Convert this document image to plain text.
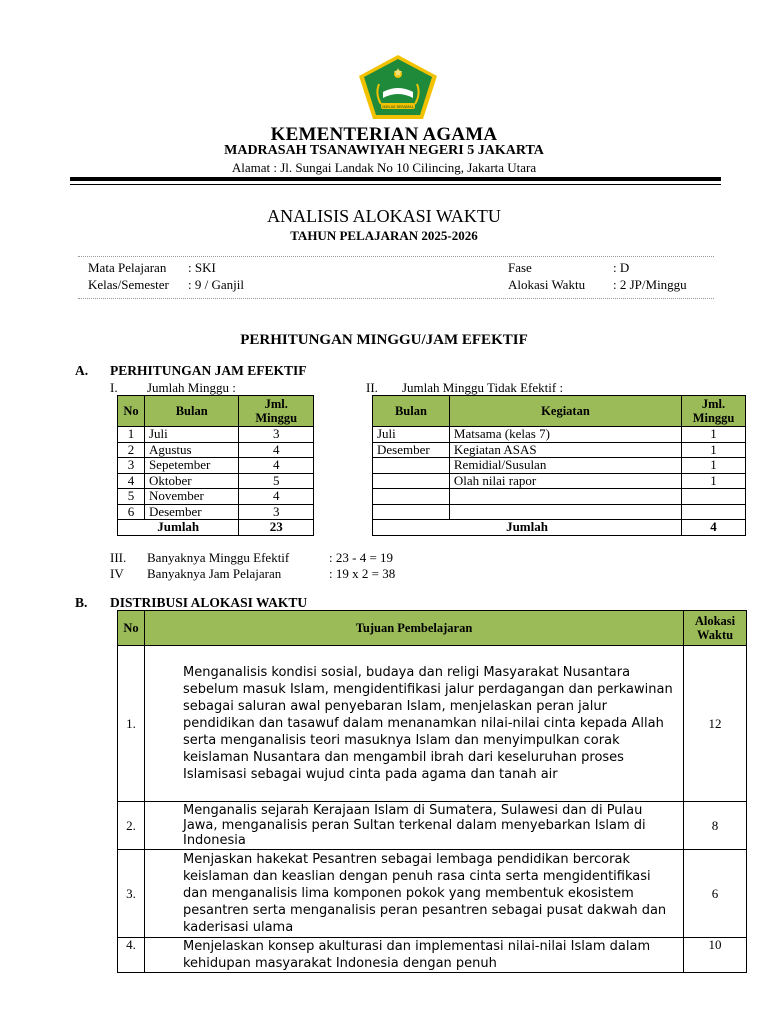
IKHLAS BERAMAL
KEMENTERIAN AGAMA
MADRASAH TSANAWIYAH NEGERI 5 JAKARTA
Alamat : Jl. Sungai Landak No 10 Cilincing, Jakarta Utara
ANALISIS ALOKASI WAKTU
TAHUN PELAJARAN 2025-2026
Mata Pelajaran : SKI
Kelas/Semester : 9 / Ganjil
Fase	: D
Alokasi Waktu : 2 JP/Minggu
PERHITUNGAN MINGGU/JAM EFEKTIF
A. PERHITUNGAN JAM EFEKTIF
I. Jumlah Minggu :	II. Jumlah Minggu Tidak Efektif :
No	Bulan	Jml. Minggu
1	Juli	3
2	Agustus	4
3	Sepetember	4
4	Oktober	5
5	November	4
6	Desember	3
Jumlah		23
Bulan	Kegiatan	Jml. Minggu
Juli	Matsama (kelas 7)	1
Desember	Kegiatan ASAS	1
	Remidial/Susulan	1
	Olah nilai rapor	1

Jumlah		4
III. Banyaknya Minggu Efektif	: 23 - 4 = 19
IV Banyaknya Jam Pelajaran	: 19 x 2 = 38
B. DISTRIBUSI ALOKASI WAKTU
No	Tujuan Pembelajaran	Alokasi Waktu
1.	Menganalisis kondisi sosial, budaya dan religi Masyarakat Nusantara sebelum masuk Islam, mengidentifikasi jalur perdagangan dan perkawinan sebagai saluran awal penyebaran Islam, menjelaskan peran jalur pendidikan dan tasawuf dalam menanamkan nilai-nilai cinta kepada Allah serta menganalisis teori masuknya Islam dan menyimpulkan corak keislaman Nusantara dan mengambil ibrah dari keseluruhan proses Islamisasi sebagai wujud cinta pada agama dan tanah air	12
2.	Menganalis sejarah Kerajaan Islam di Sumatera, Sulawesi dan di Pulau Jawa, menganalisis peran Sultan terkenal dalam menyebarkan Islam di Indonesia	8
3.	Menjaskan hakekat Pesantren sebagai lembaga pendidikan bercorak keislaman dan keaslian dengan penuh rasa cinta serta mengidentifikasi dan menganalisis lima komponen pokok yang membentuk ekosistem pesantren serta menganalisis peran pesantren sebagai pusat dakwah dan kaderisasi ulama	6
4.	Menjelaskan konsep akulturasi dan implementasi nilai-nilai Islam dalam kehidupan masyarakat Indonesia dengan penuh	10
